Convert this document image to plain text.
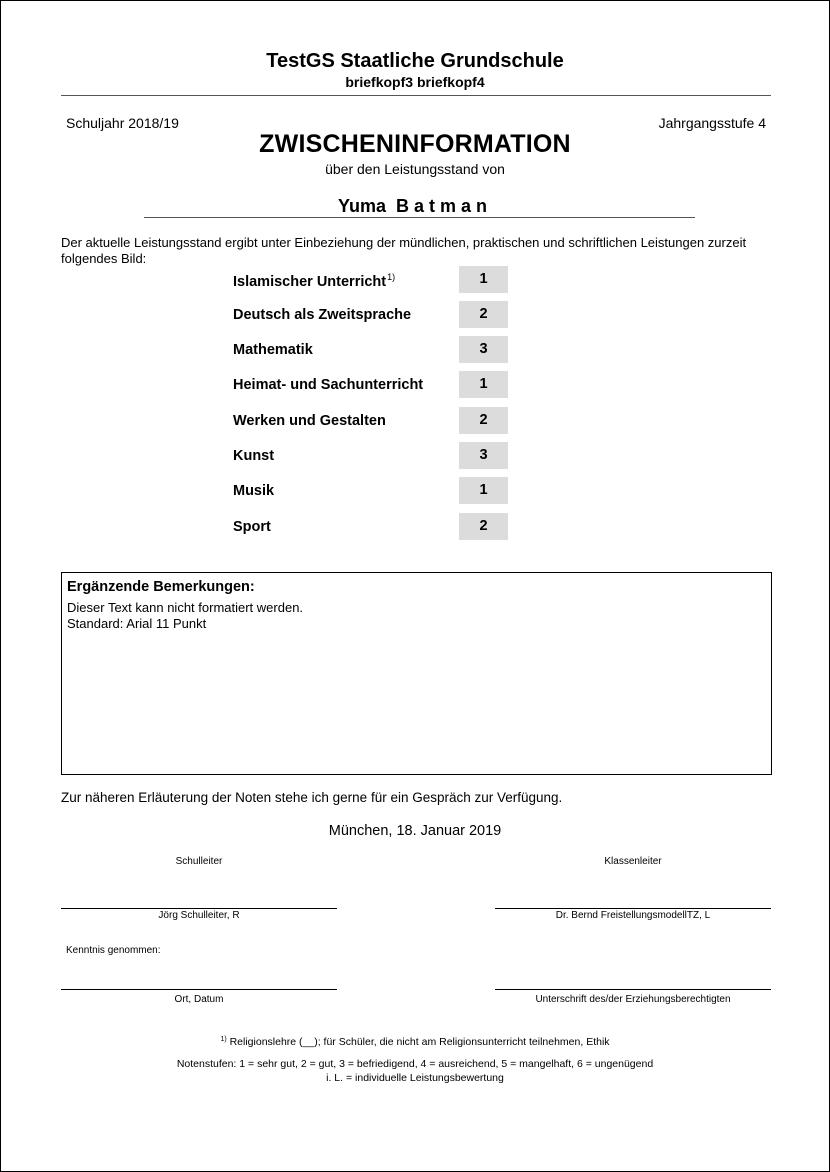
TestGS Staatliche Grundschule
briefkopf3 briefkopf4
Schuljahr 2018/19	Jahrgangsstufe 4
ZWISCHENINFORMATION
über den Leistungsstand von
Yuma Batman
Der aktuelle Leistungsstand ergibt unter Einbeziehung der mündlichen, praktischen und schriftlichen Leistungen zurzeit folgendes Bild:
Islamischer Unterricht$^{1)}$	1
Deutsch als Zweitsprache	2
Mathematik	3
Heimat- und Sachunterricht	1
Werken und Gestalten	2
Kunst	3
Musik	1
Sport	2
Ergänzende Bemerkungen:
Dieser Text kann nicht formatiert werden.
Standard: Arial 11 Punkt
Zur näheren Erläuterung der Noten stehe ich gerne für ein Gespräch zur Verfügung.
München, 18. Januar 2019
Schulleiter	Klassenleiter
Jörg Schulleiter, R	Dr. Bernd FreistellungsmodellTZ, L
Kenntnis genommen:
Ort, Datum	Unterschrift des/der Erziehungsberechtigten
$^{1)}$ Religionslehre (__); für Schüler, die nicht am Religionsunterricht teilnehmen, Ethik
Notenstufen: 1 = sehr gut, 2 = gut, 3 = befriedigend, 4 = ausreichend, 5 = mangelhaft, 6 = ungenügend
i. L. = individuelle Leistungsbewertung
